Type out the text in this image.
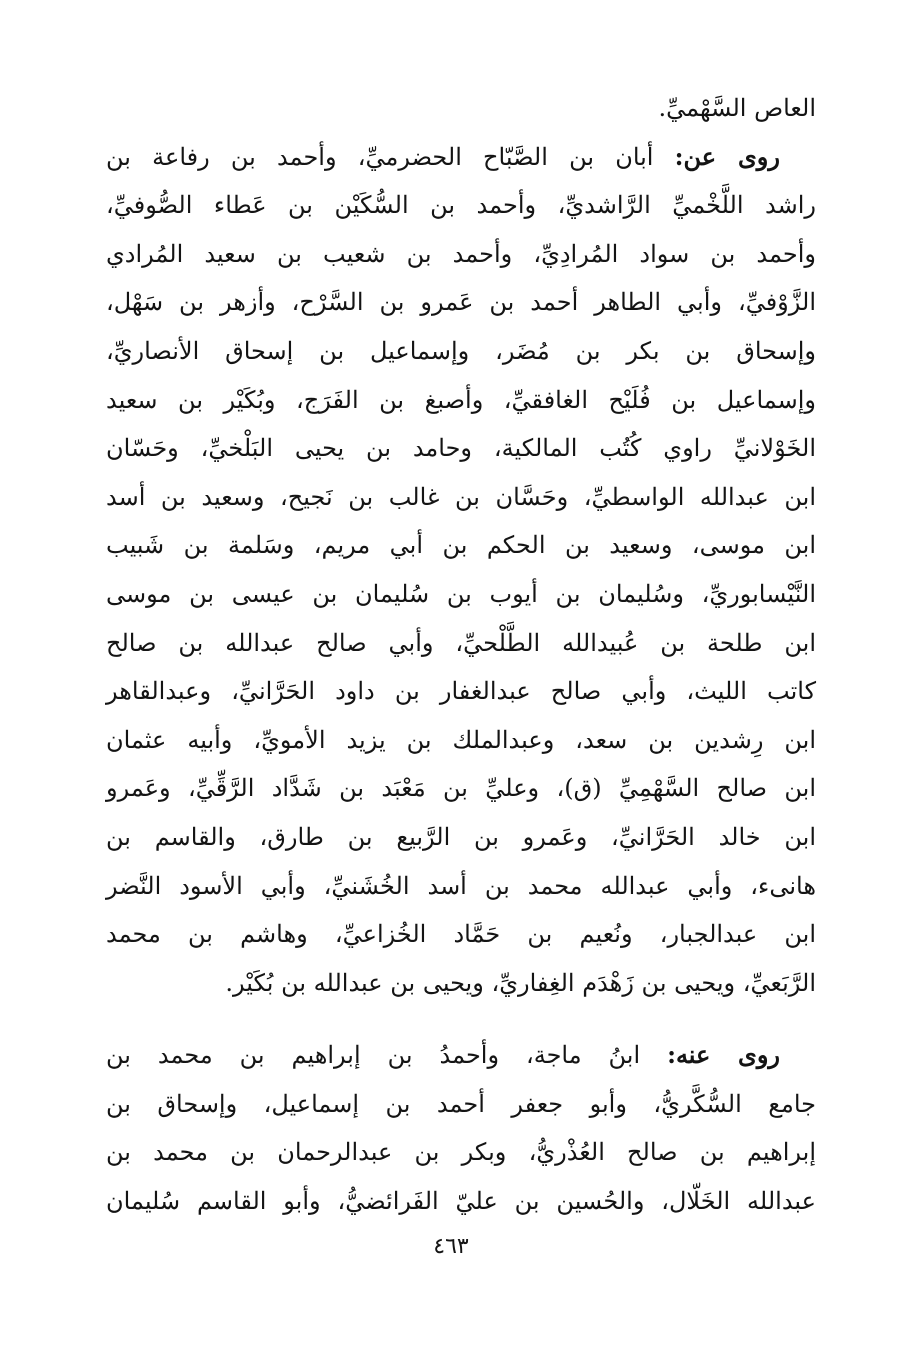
العاص السَّهْميِّ.
روى عن: أبان بن الصَّبّاح الحضرميِّ، وأحمد بن رفاعة بن
راشد اللَّخْميِّ الرَّاشديِّ، وأحمد بن السُّكَيْن بن عَطاء الصُّوفيِّ،
وأحمد بن سواد المُرادِيِّ، وأحمد بن شعيب بن سعيد المُرادي
الزَّوْفيِّ، وأبي الطاهر أحمد بن عَمرو بن السَّرْح، وأزهر بن سَهْل،
وإسحاق بن بكر بن مُضَر، وإسماعيل بن إسحاق الأنصاريِّ،
وإسماعيل بن فُلَيْح الغافقيِّ، وأصبغ بن الفَرَج، وبُكَيْر بن سعيد
الخَوْلانيِّ راوي كُتُب المالكية، وحامد بن يحيى البَلْخيِّ، وحَسّان
ابن عبدالله الواسطيِّ، وحَسَّان بن غالب بن نَجيح، وسعيد بن أسد
ابن موسى، وسعيد بن الحكم بن أبي مريم، وسَلمة بن شَبيب
النَّيْسابوريِّ، وسُليمان بن أيوب بن سُليمان بن عيسى بن موسى
ابن طلحة بن عُبيدالله الطَّلْحيِّ، وأبي صالح عبدالله بن صالح
كاتب الليث، وأبي صالح عبدالغفار بن داود الحَرَّانيِّ، وعبدالقاهر
ابن رِشدين بن سعد، وعبدالملك بن يزيد الأمويِّ، وأبيه عثمان
ابن صالح السَّهْمِيِّ (ق)، وعليِّ بن مَعْبَد بن شَدَّاد الرَّقِّيِّ، وعَمرو
ابن خالد الحَرَّانيِّ، وعَمرو بن الرَّبيع بن طارق، والقاسم بن
هانىء، وأبي عبدالله محمد بن أسد الخُشَنيِّ، وأبي الأسود النَّضر
ابن عبدالجبار، ونُعيم بن حَمَّاد الخُزاعيِّ، وهاشم بن محمد
الرَّبَعيِّ، ويحيى بن زَهْدَم الغِفاريِّ، ويحيى بن عبدالله بن بُكَيْر.
روى عنه: ابنُ ماجة، وأحمدُ بن إبراهيم بن محمد بن
جامع السُّكَّريُّ، وأبو جعفر أحمد بن إسماعيل، وإسحاق بن
إبراهيم بن صالح العُذْريُّ، وبكر بن عبدالرحمان بن محمد بن
عبدالله الخَلّال، والحُسين بن عليّ الفَرائضيُّ، وأبو القاسم سُليمان
٤٦٣
